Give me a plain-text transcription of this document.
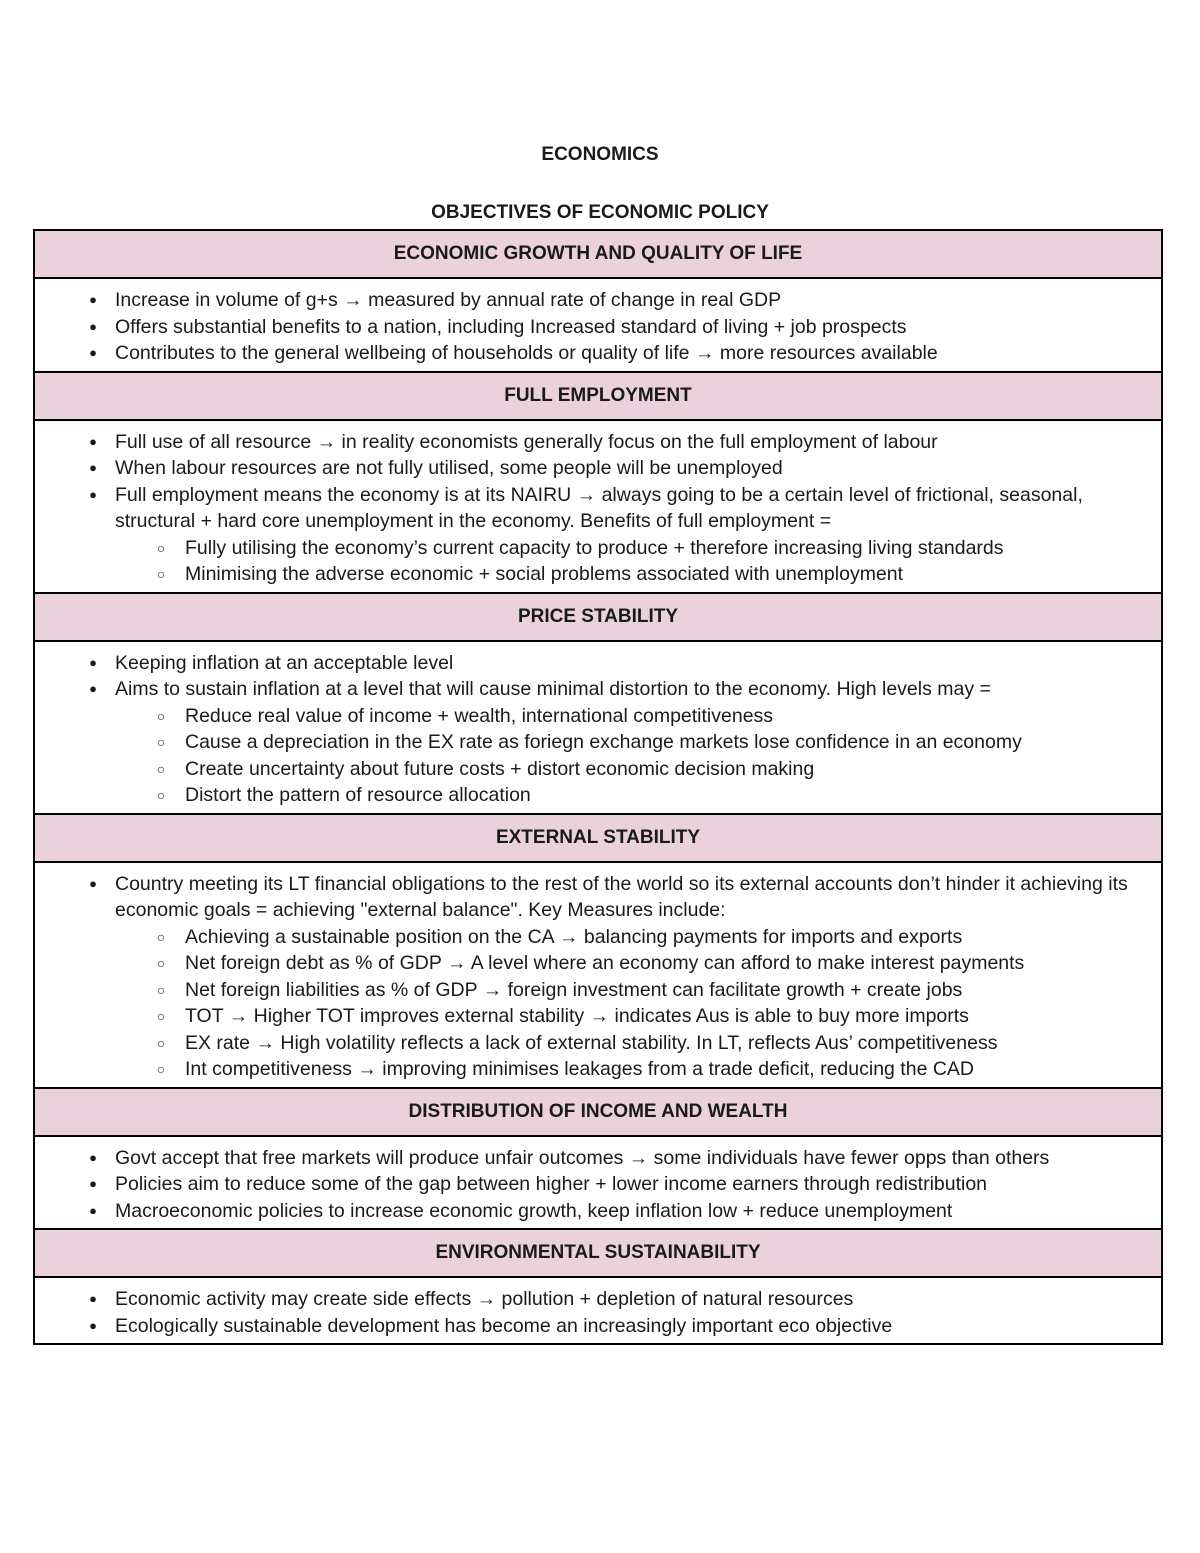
ECONOMICS
OBJECTIVES OF ECONOMIC POLICY
ECONOMIC GROWTH AND QUALITY OF LIFE

● Increase in volume of g+s → measured by annual rate of change in real GDP
● Offers substantial benefits to a nation, including Increased standard of living + job prospects
● Contributes to the general wellbeing of households or quality of life → more resources available

FULL EMPLOYMENT

● Full use of all resource → in reality economists generally focus on the full employment of labour
● When labour resources are not fully utilised, some people will be unemployed
● Full employment means the economy is at its NAIRU → always going to be a certain level of frictional, seasonal, structural + hard core unemployment in the economy. Benefits of full employment =
○ Fully utilising the economy’s current capacity to produce + therefore increasing living standards
○ Minimising the adverse economic + social problems associated with unemployment

PRICE STABILITY

● Keeping inflation at an acceptable level
● Aims to sustain inflation at a level that will cause minimal distortion to the economy. High levels may =
○ Reduce real value of income + wealth, international competitiveness
○ Cause a depreciation in the EX rate as foriegn exchange markets lose confidence in an economy
○ Create uncertainty about future costs + distort economic decision making
○ Distort the pattern of resource allocation

EXTERNAL STABILITY

● Country meeting its LT financial obligations to the rest of the world so its external accounts don’t hinder it achieving its economic goals = achieving "external balance". Key Measures include:
○ Achieving a sustainable position on the CA → balancing payments for imports and exports
○ Net foreign debt as % of GDP → A level where an economy can afford to make interest payments
○ Net foreign liabilities as % of GDP → foreign investment can facilitate growth + create jobs
○ TOT → Higher TOT improves external stability → indicates Aus is able to buy more imports
○ EX rate → High volatility reflects a lack of external stability. In LT, reflects Aus’ competitiveness
○ Int competitiveness → improving minimises leakages from a trade deficit, reducing the CAD

DISTRIBUTION OF INCOME AND WEALTH

● Govt accept that free markets will produce unfair outcomes → some individuals have fewer opps than others
● Policies aim to reduce some of the gap between higher + lower income earners through redistribution
● Macroeconomic policies to increase economic growth, keep inflation low + reduce unemployment

ENVIRONMENTAL SUSTAINABILITY

● Economic activity may create side effects → pollution + depletion of natural resources
● Ecologically sustainable development has become an increasingly important eco objective
